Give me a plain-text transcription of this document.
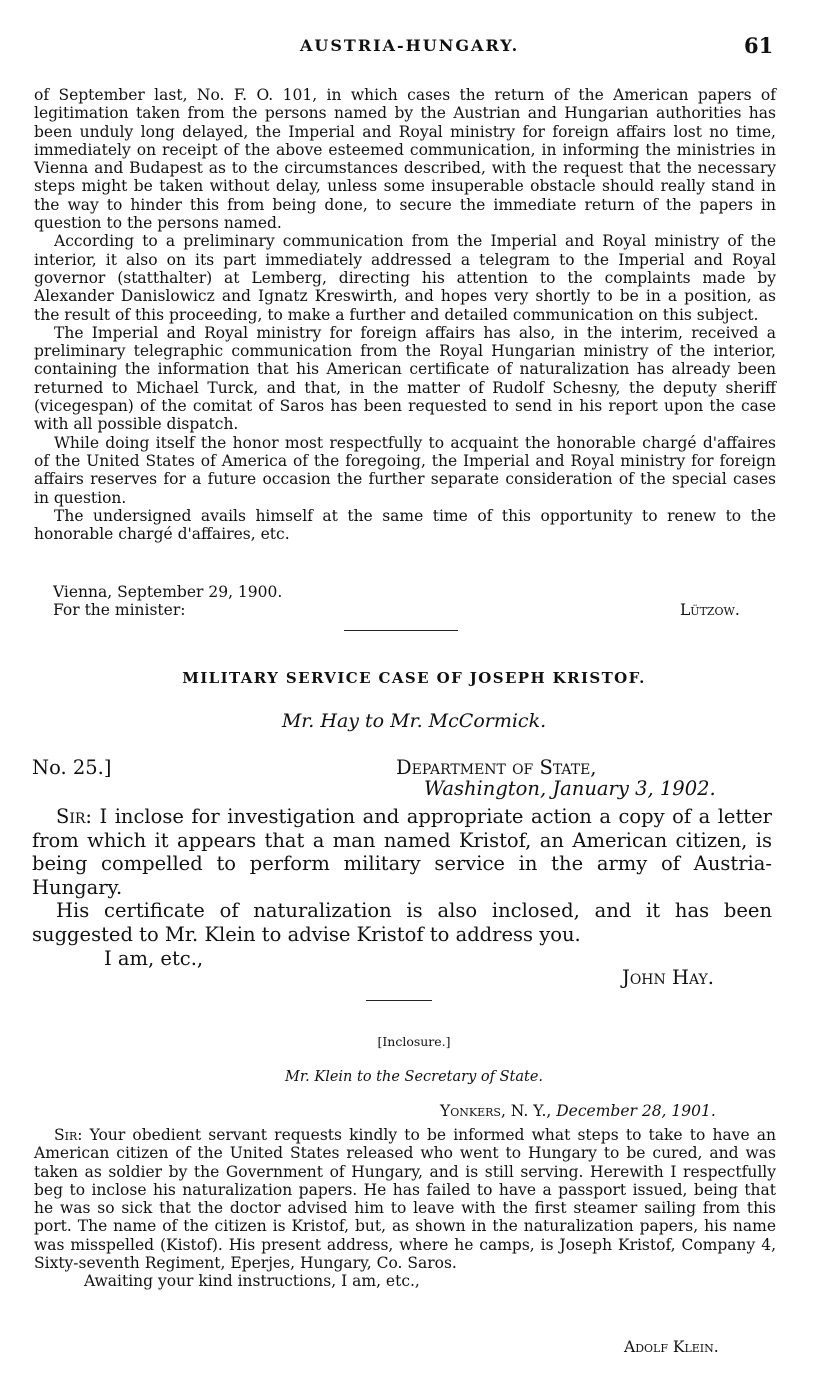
AUSTRIA-HUNGARY.	61

of September last, No. F. O. 101, in which cases the return of the American papers of legitimation taken from the persons named by the Austrian and Hungarian authorities has been unduly long delayed, the Imperial and Royal ministry for foreign affairs lost no time, immediately on receipt of the above esteemed communication, in informing the ministries in Vienna and Budapest as to the circumstances described, with the request that the necessary steps might be taken without delay, unless some insuperable obstacle should really stand in the way to hinder this from being done, to secure the immediate return of the papers in question to the persons named.

According to a preliminary communication from the Imperial and Royal ministry of the interior, it also on its part immediately addressed a telegram to the Imperial and Royal governor (statthalter) at Lemberg, directing his attention to the complaints made by Alexander Danislowicz and Ignatz Kreswirth, and hopes very shortly to be in a position, as the result of this proceeding, to make a further and detailed communication on this subject.

The Imperial and Royal ministry for foreign affairs has also, in the interim, received a preliminary telegraphic communication from the Royal Hungarian ministry of the interior, containing the information that his American certificate of naturalization has already been returned to Michael Turck, and that, in the matter of Rudolf Schesny, the deputy sheriff (vicegespan) of the comitat of Saros has been requested to send in his report upon the case with all possible dispatch.

While doing itself the honor most respectfully to acquaint the honorable chargé d'affaires of the United States of America of the foregoing, the Imperial and Royal ministry for foreign affairs reserves for a future occasion the further separate consideration of the special cases in question.

The undersigned avails himself at the same time of this opportunity to renew to the honorable chargé d'affaires, etc.

Vienna, September 29, 1900.
For the minister:	Lützow.
MILITARY SERVICE CASE OF JOSEPH KRISTOF.
Mr. Hay to Mr. McCormick.
No. 25.]	Department of State,
Washington, January 3, 1902.

Sir: I inclose for investigation and appropriate action a copy of a letter from which it appears that a man named Kristof, an American citizen, is being compelled to perform military service in the army of Austria-Hungary.

His certificate of naturalization is also inclosed, and it has been suggested to Mr. Klein to advise Kristof to address you.

I am, etc.,
John Hay.
[Inclosure.]
Mr. Klein to the Secretary of State.
Yonkers, N. Y., December 28, 1901.

Sir: Your obedient servant requests kindly to be informed what steps to take to have an American citizen of the United States released who went to Hungary to be cured, and was taken as soldier by the Government of Hungary, and is still serving. Herewith I respectfully beg to inclose his naturalization papers. He has failed to have a passport issued, being that he was so sick that the doctor advised him to leave with the first steamer sailing from this port. The name of the citizen is Kristof, but, as shown in the naturalization papers, his name was misspelled (Kistof). His present address, where he camps, is Joseph Kristof, Company 4, Sixty-seventh Regiment, Eperjes, Hungary, Co. Saros.

Awaiting your kind instructions, I am, etc.,

Adolf Klein.
